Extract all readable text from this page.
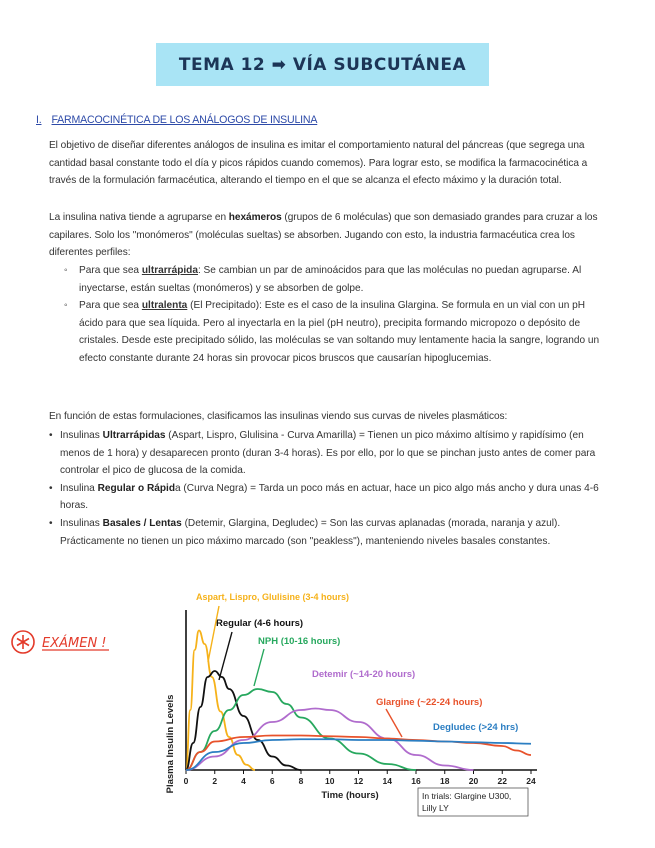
TEMA 12 ➡ VÍA SUBCUTÁNEA
I. FARMACOCINÉTICA DE LOS ANÁLOGOS DE INSULINA
El objetivo de diseñar diferentes análogos de insulina es imitar el comportamiento natural del páncreas (que segrega una cantidad basal constante todo el día y picos rápidos cuando comemos). Para lograr esto, se modifica la farmacocinética a través de la formulación farmacéutica, alterando el tiempo en el que se alcanza el efecto máximo y la duración total.
La insulina nativa tiende a agruparse en hexámeros (grupos de 6 moléculas) que son demasiado grandes para cruzar a los capilares. Solo los "monómeros" (moléculas sueltas) se absorben. Jugando con esto, la industria farmacéutica crea los diferentes perfiles:
◦ Para que sea ultrarrápida: Se cambian un par de aminoácidos para que las moléculas no puedan agruparse. Al inyectarse, están sueltas (monómeros) y se absorben de golpe.
◦ Para que sea ultralenta (El Precipitado): Este es el caso de la insulina Glargina. Se formula en un vial con un pH ácido para que sea líquida. Pero al inyectarla en la piel (pH neutro), precipita formando micropozo o depósito de cristales. Desde este precipitado sólido, las moléculas se van soltando muy lentamente hacia la sangre, logrando un efecto constante durante 24 horas sin provocar picos bruscos que causarían hipoglucemias.
En función de estas formulaciones, clasificamos las insulinas viendo sus curvas de niveles plasmáticos:
• Insulinas Ultrarrápidas (Aspart, Lispro, Glulisina - Curva Amarilla) = Tienen un pico máximo altísimo y rapidísimo (en menos de 1 hora) y desaparecen pronto (duran 3-4 horas). Es por ello, por lo que se pinchan justo antes de comer para controlar el pico de glucosa de la comida.
• Insulina Regular o Rápida (Curva Negra) = Tarda un poco más en actuar, hace un pico algo más ancho y dura unas 4-6 horas.
• Insulinas Basales / Lentas (Detemir, Glargina, Degludec) = Son las curvas aplanadas (morada, naranja y azul). Prácticamente no tienen un pico máximo marcado (son "peakless"), manteniendo niveles basales constantes.
EXÁMEN !
Plasma Insulin Levels
Time (hours)
0	2	4	6	8	10 12 14 16 18 20 22 24
Aspart, Lispro, Glulisine (3-4 hours)
Regular (4-6 hours)
NPH (10-16 hours)
Detemir (~14-20 hours)
Glargine (~22-24 hours)
Degludec (>24 hrs)
In trials: Glargine U300,
Lilly LY
